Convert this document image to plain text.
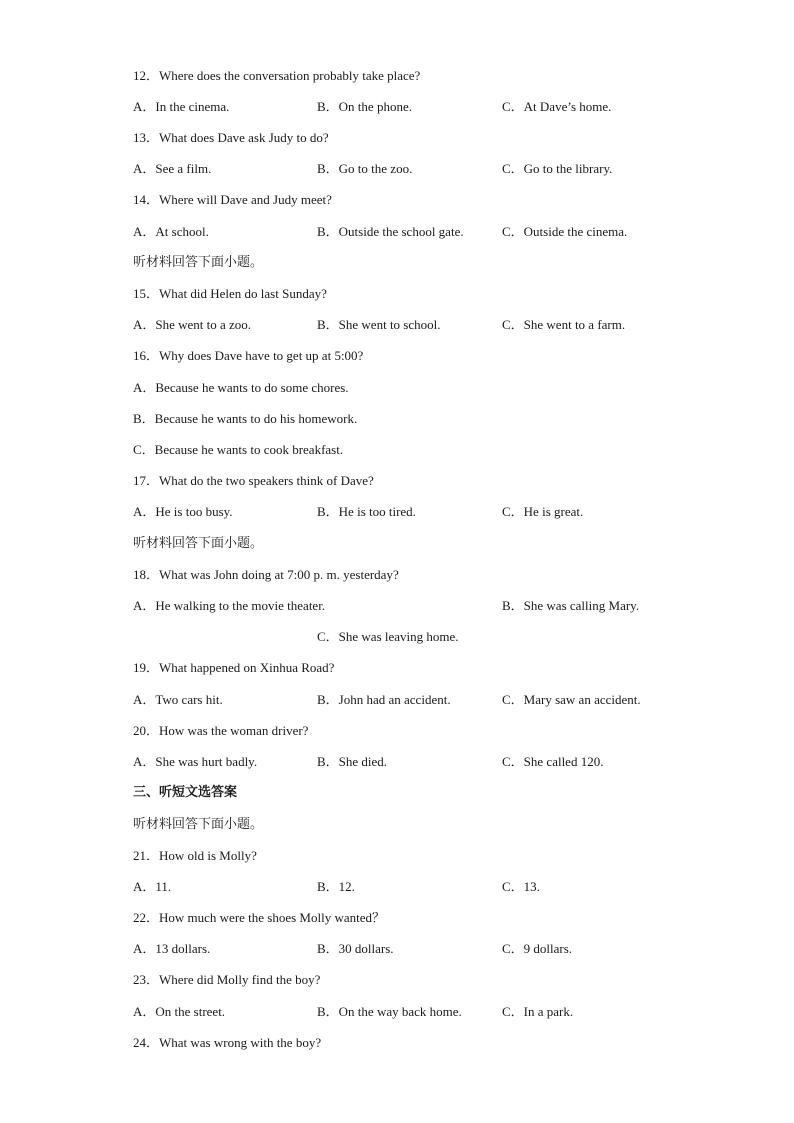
12．Where does the conversation probably take place?
A．In the cinema.	B．On the phone.	C．At Dave’s home.
13．What does Dave ask Judy to do?
A．See a film.	B．Go to the zoo.	C．Go to the library.
14．Where will Dave and Judy meet?
A．At school.	B．Outside the school gate.	C．Outside the cinema.
听材料回答下面小题。
15．What did Helen do last Sunday?
A．She went to a zoo.	B．She went to school.	C．She went to a farm.
16．Why does Dave have to get up at 5:00?
A．Because he wants to do some chores.
B．Because he wants to do his homework.
C．Because he wants to cook breakfast.
17．What do the two speakers think of Dave?
A．He is too busy.	B．He is too tired.	C．He is great.
听材料回答下面小题。
18．What was John doing at 7:00 p. m. yesterday?
A．He walking to the movie theater.	B．She was calling Mary.
C．She was leaving home.
19．What happened on Xinhua Road?
A．Two cars hit.	B．John had an accident.	C．Mary saw an accident.
20．How was the woman driver?
A．She was hurt badly.	B．She died.	C．She called 120.
三、听短文选答案
听材料回答下面小题。
21．How old is Molly?
A．11.	B．12.	C．13.
22．How much were the shoes Molly wanted？
A．13 dollars.	B．30 dollars.	C．9 dollars.
23．Where did Molly find the boy?
A．On the street.	B．On the way back home.	C．In a park.
24．What was wrong with the boy?
